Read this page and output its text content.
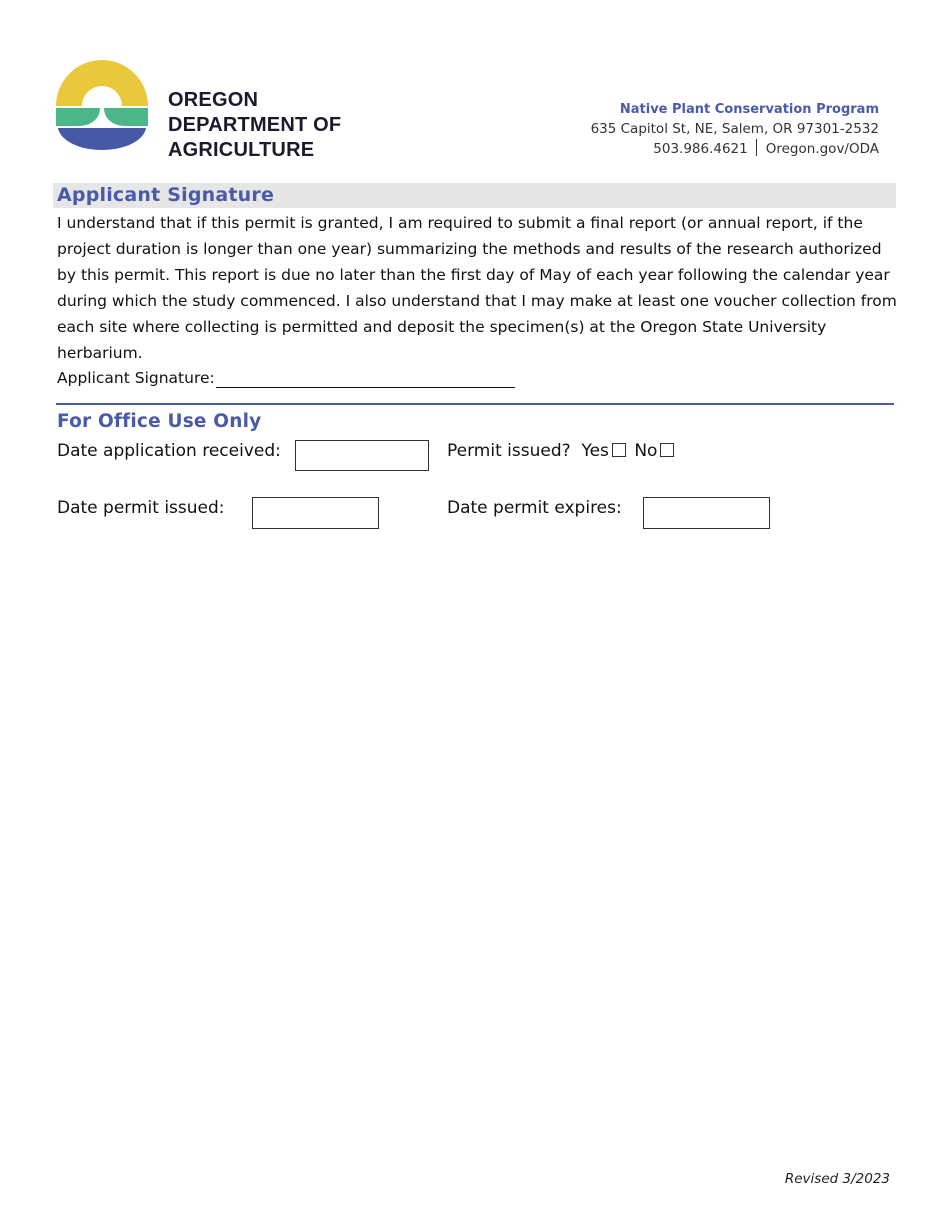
OREGON
DEPARTMENT OF
AGRICULTURE
Native Plant Conservation Program
635 Capitol St, NE, Salem, OR 97301-2532
503.986.4621 Oregon.gov/ODA
Applicant Signature
I understand that if this permit is granted, I am required to submit a final report (or annual report, if the project duration is longer than one year) summarizing the methods and results of the research authorized by this permit. This report is due no later than the first day of May of each year following the calendar year during which the study commenced. I also understand that I may make at least one voucher collection from each site where collecting is permitted and deposit the specimen(s) at the Oregon State University herbarium.
Applicant Signature:
For Office Use Only
Date application received:	Permit issued? Yes No
Date permit issued:	Date permit expires:
Revised 3/2023
